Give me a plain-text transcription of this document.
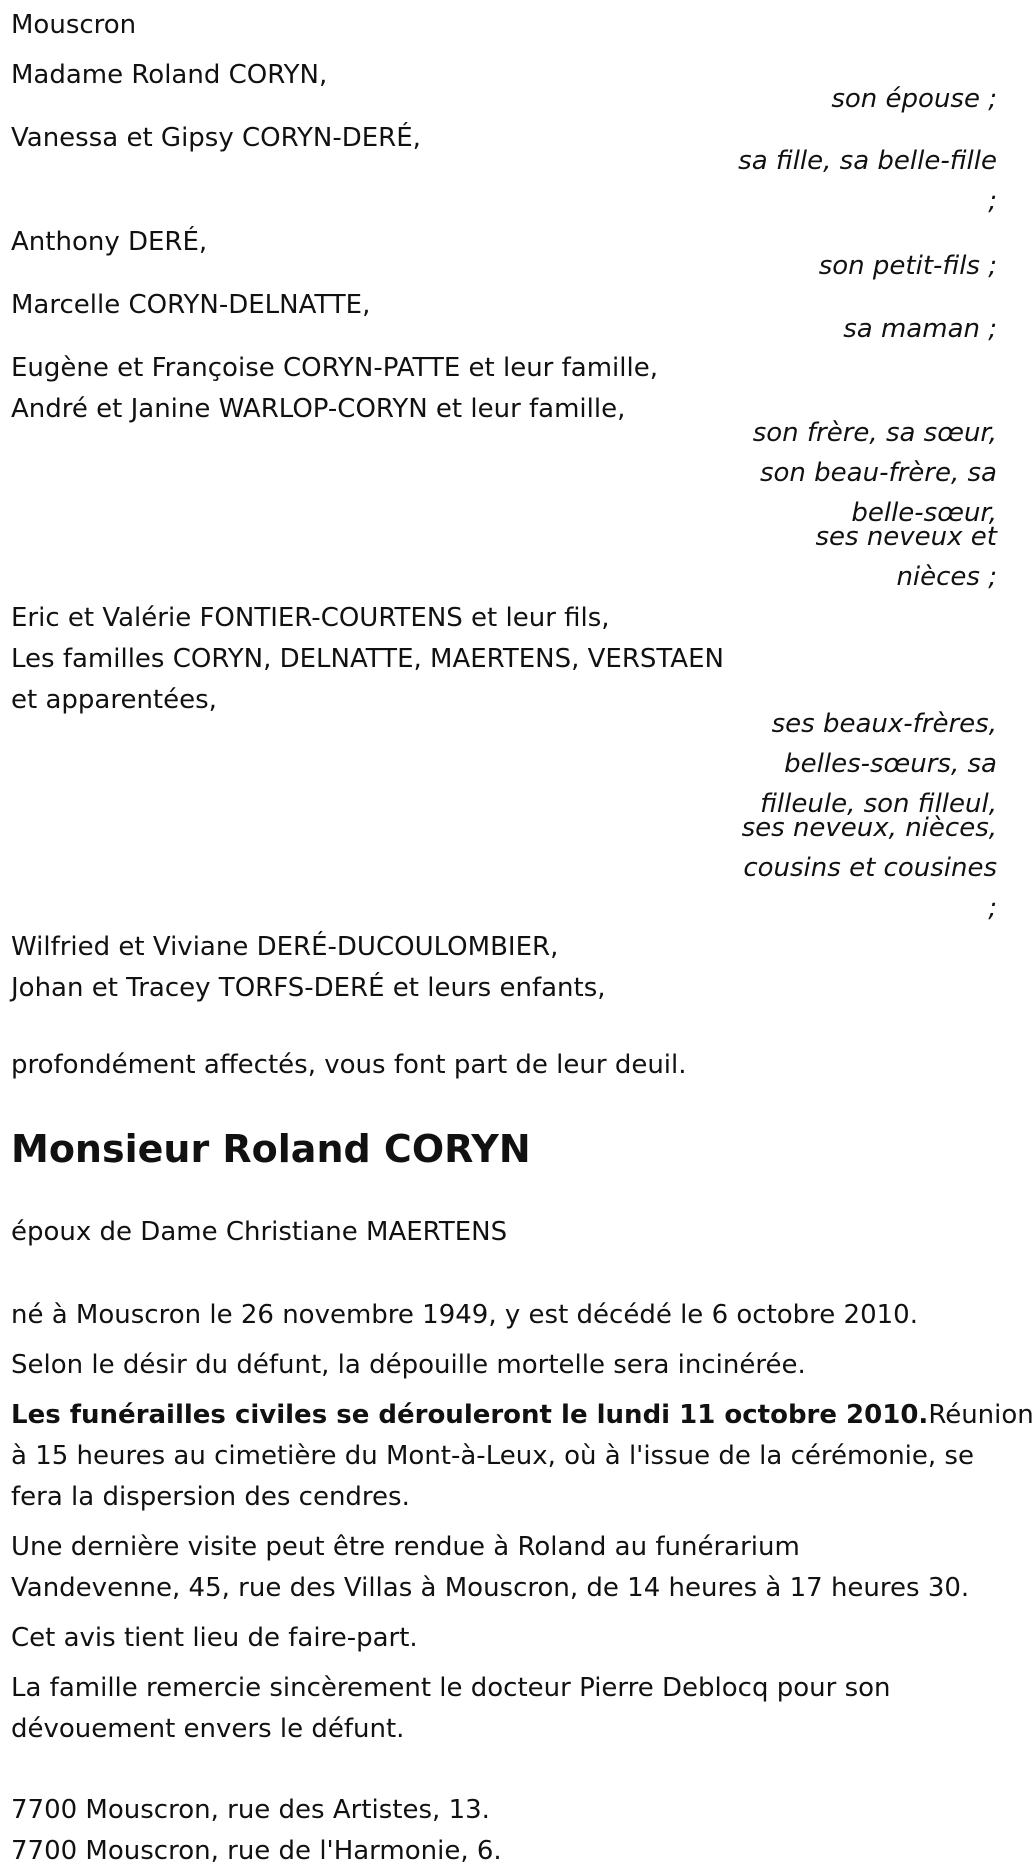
Mouscron
Madame Roland CORYN,
son épouse ;
Vanessa et Gipsy CORYN-DERÉ,
sa fille, sa belle-fille
;
Anthony DERÉ,
son petit-fils ;
Marcelle CORYN-DELNATTE,
sa maman ;
Eugène et Françoise CORYN-PATTE et leur famille,
André et Janine WARLOP-CORYN et leur famille,
son frère, sa sœur,
son beau-frère, sa
belle-sœur,
ses neveux et
nièces ;
Eric et Valérie FONTIER-COURTENS et leur fils,
Les familles CORYN, DELNATTE, MAERTENS, VERSTAEN
et apparentées,
ses beaux-frères,
belles-sœurs, sa
filleule, son filleul,
ses neveux, nièces,
cousins et cousines
;
Wilfried et Viviane DERÉ-DUCOULOMBIER,
Johan et Tracey TORFS-DERÉ et leurs enfants,
profondément affectés, vous font part de leur deuil.
Monsieur Roland CORYN
époux de Dame Christiane MAERTENS
né à Mouscron le 26 novembre 1949, y est décédé le 6 octobre 2010.
Selon le désir du défunt, la dépouille mortelle sera incinérée.
Les funérailles civiles se dérouleront le lundi 11 octobre 2010.Réunion
à 15 heures au cimetière du Mont-à-Leux, où à l'issue de la cérémonie, se
fera la dispersion des cendres.
Une dernière visite peut être rendue à Roland au funérarium
Vandevenne, 45, rue des Villas à Mouscron, de 14 heures à 17 heures 30.
Cet avis tient lieu de faire-part.
La famille remercie sincèrement le docteur Pierre Deblocq pour son
dévouement envers le défunt.
7700 Mouscron, rue des Artistes, 13.
7700 Mouscron, rue de l'Harmonie, 6.
